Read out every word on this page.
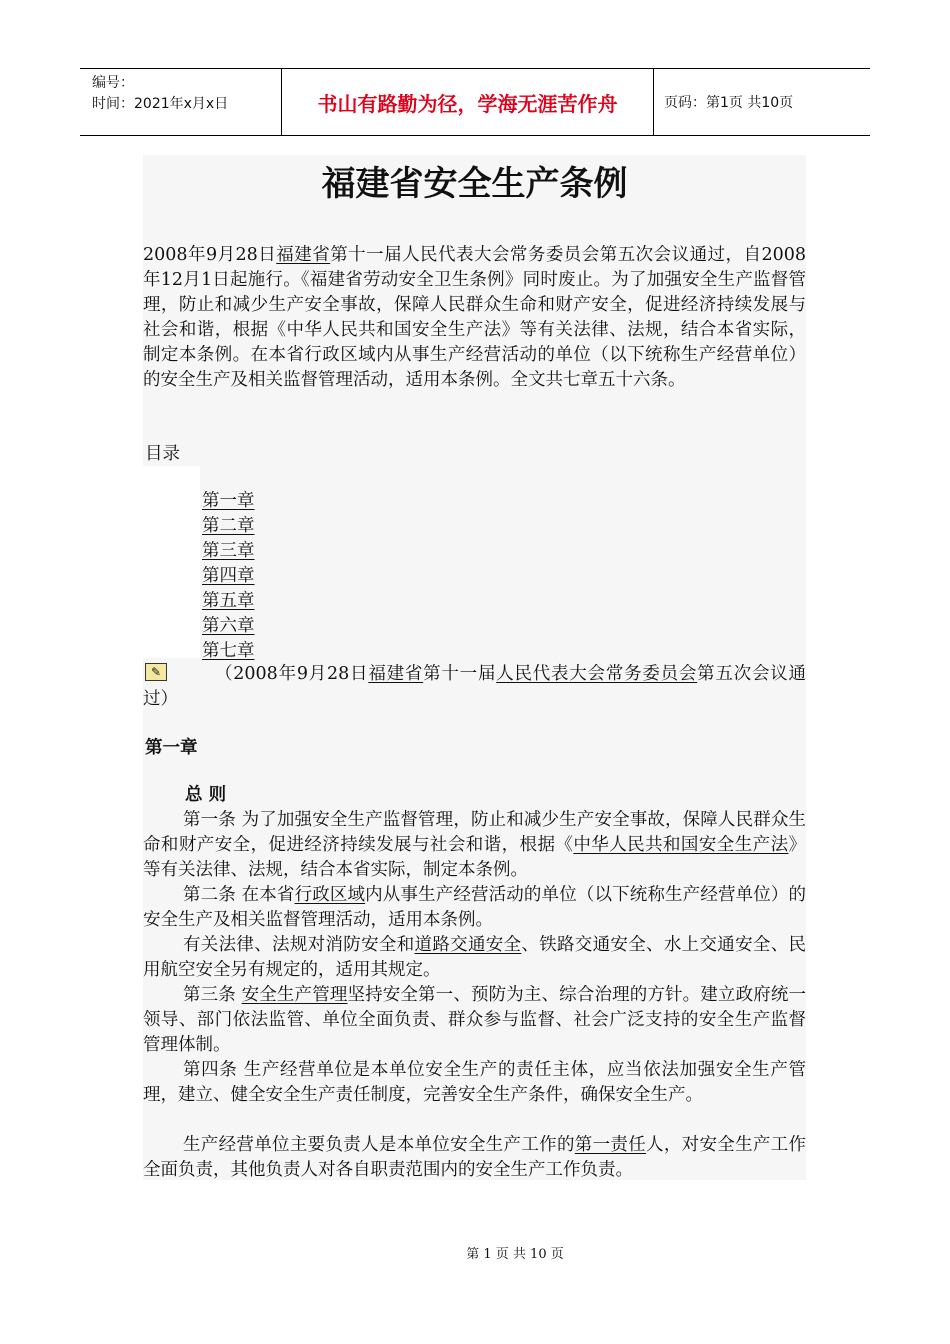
编号：
时间：2021年x月x日	书山有路勤为径，学海无涯苦作舟	页码：第1页 共10页
福建省安全生产条例

2008年9月28日福建省第十一届人民代表大会常务委员会第五次会议通过，自2008年12月1日起施行。《福建省劳动安全卫生条例》同时废止。为了加强安全生产监督管理，防止和减少生产安全事故，保障人民群众生命和财产安全，促进经济持续发展与社会和谐，根据《中华人民共和国安全生产法》等有关法律、法规，结合本省实际，制定本条例。在本省行政区域内从事生产经营活动的单位（以下统称生产经营单位）的安全生产及相关监督管理活动，适用本条例。全文共七章五十六条。

目录
第一章
第二章
第三章
第四章
第五章
第六章
第七章
✎	（2008年9月28日福建省第十一届人民代表大会常务委员会第五次会议通过）

第一章
总 则

第一条 为了加强安全生产监督管理，防止和减少生产安全事故，保障人民群众生命和财产安全，促进经济持续发展与社会和谐，根据《中华人民共和国安全生产法》等有关法律、法规，结合本省实际，制定本条例。

第二条 在本省行政区域内从事生产经营活动的单位（以下统称生产经营单位）的安全生产及相关监督管理活动，适用本条例。

有关法律、法规对消防安全和道路交通安全、铁路交通安全、水上交通安全、民用航空安全另有规定的，适用其规定。

第三条 安全生产管理坚持安全第一、预防为主、综合治理的方针。建立政府统一领导、部门依法监管、单位全面负责、群众参与监督、社会广泛支持的安全生产监督管理体制。

第四条 生产经营单位是本单位安全生产的责任主体，应当依法加强安全生产管理，建立、健全安全生产责任制度，完善安全生产条件，确保安全生产。

生产经营单位主要负责人是本单位安全生产工作的第一责任人，对安全生产工作全面负责，其他负责人对各自职责范围内的安全生产工作负责。

第 1 页 共 10 页
